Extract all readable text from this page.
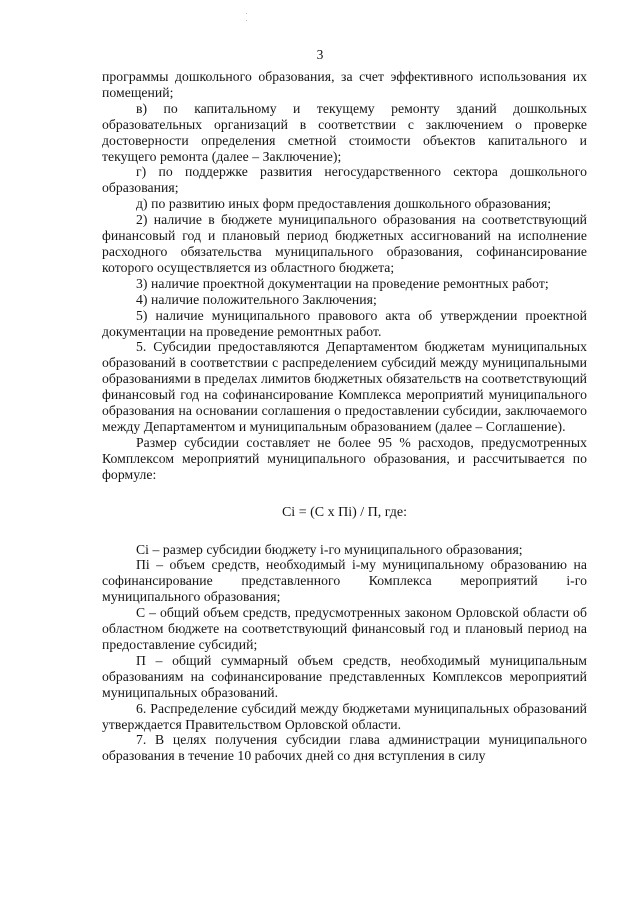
3

программы дошкольного образования, за счет эффективного использования их помещений;

в) по капитальному и текущему ремонту зданий дошкольных образовательных организаций в соответствии с заключением о проверке достоверности определения сметной стоимости объектов капитального и текущего ремонта (далее – Заключение);

г) по поддержке развития негосударственного сектора дошкольного образования;

д) по развитию иных форм предоставления дошкольного образования;

2) наличие в бюджете муниципального образования на соответствующий финансовый год и плановый период бюджетных ассигнований на исполнение расходного обязательства муниципального образования, софинансирование которого осуществляется из областного бюджета;

3) наличие проектной документации на проведение ремонтных работ;

4) наличие положительного Заключения;

5) наличие муниципального правового акта об утверждении проектной документации на проведение ремонтных работ.

5. Субсидии предоставляются Департаментом бюджетам муниципальных образований в соответствии с распределением субсидий между муниципальными образованиями в пределах лимитов бюджетных обязательств на соответствующий финансовый год на софинансирование Комплекса мероприятий муниципального образования на основании соглашения о предоставлении субсидии, заключаемого между Департаментом и муниципальным образованием (далее – Соглашение).

Размер субсидии составляет не более 95 % расходов, предусмотренных Комплексом мероприятий муниципального образования, и рассчитывается по формуле:

Ci = (C x Пi) / П, где:

Ci – размер субсидии бюджету i-го муниципального образования;

Пi – объем средств, необходимый i-му муниципальному образованию на софинансирование представленного Комплекса мероприятий i-го муниципального образования;

С – общий объем средств, предусмотренных законом Орловской области об областном бюджете на соответствующий финансовый год и плановый период на предоставление субсидий;

П – общий суммарный объем средств, необходимый муниципальным образованиям на софинансирование представленных Комплексов мероприятий муниципальных образований.

6. Распределение субсидий между бюджетами муниципальных образований утверждается Правительством Орловской области.

7. В целях получения субсидии глава администрации муниципального образования в течение 10 рабочих дней со дня вступления в силу
